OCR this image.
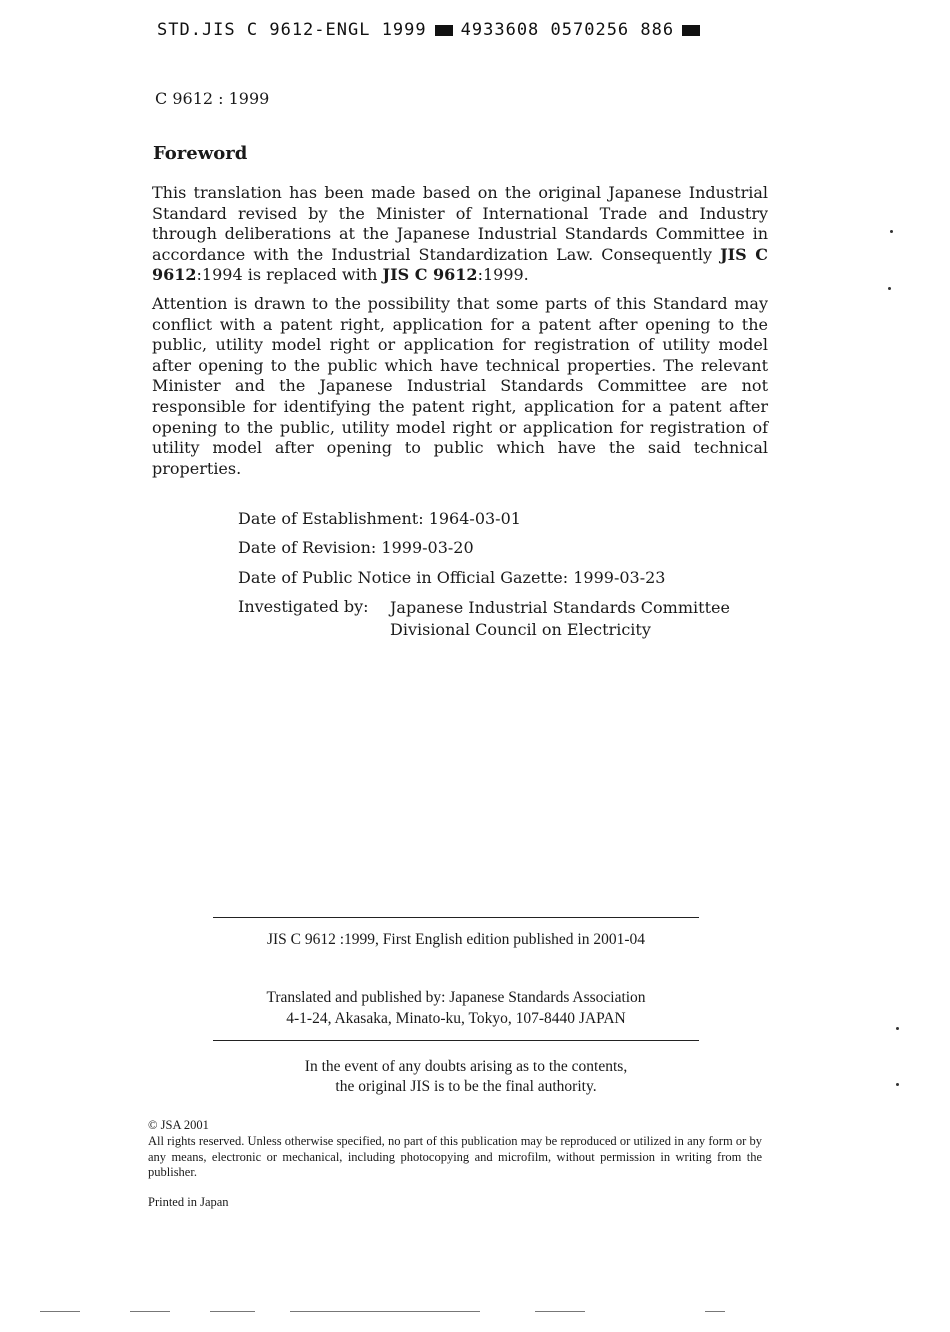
STD.JIS C 9612-ENGL 1999 4933608 0570256 886
C 9612 : 1999
Foreword
This translation has been made based on the original Japanese Industrial Standard revised by the Minister of International Trade and Industry through deliberations at the Japanese Industrial Standards Committee in accordance with the Industrial Standardization Law. Consequently JIS C 9612:1994 is replaced with JIS C 9612:1999.
Attention is drawn to the possibility that some parts of this Standard may conflict with a patent right, application for a patent after opening to the public, utility model right or application for registration of utility model after opening to the public which have technical properties. The relevant Minister and the Japanese Industrial Standards Committee are not responsible for identifying the patent right, application for a patent after opening to the public, utility model right or application for registration of utility model after opening to public which have the said technical properties.
Date of Establishment: 1964-03-01
Date of Revision: 1999-03-20
Date of Public Notice in Official Gazette: 1999-03-23
Investigated by: Japanese Industrial Standards Committee
Divisional Council on Electricity
JIS C 9612 :1999, First English edition published in 2001-04
Translated and published by: Japanese Standards Association
4-1-24, Akasaka, Minato-ku, Tokyo, 107-8440 JAPAN
In the event of any doubts arising as to the contents,
the original JIS is to be the final authority.
© JSA 2001
All rights reserved. Unless otherwise specified, no part of this publication may be reproduced or utilized in any form or by any means, electronic or mechanical, including photocopying and microfilm, without permission in writing from the publisher.
Printed in Japan
